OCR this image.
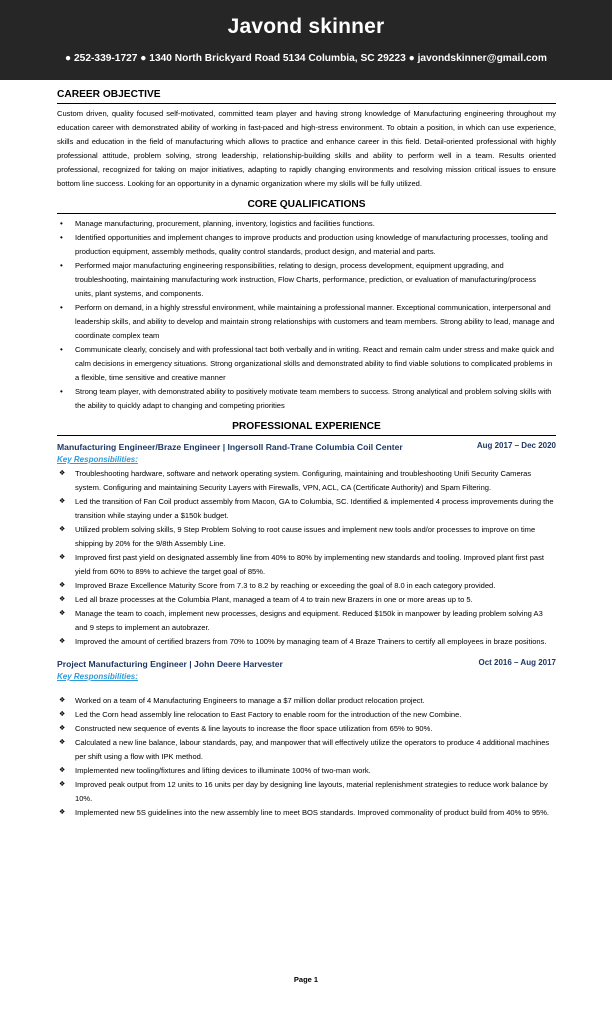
Javond skinner
● 252-339-1727 ● 1340 North Brickyard Road 5134 Columbia, SC 29223 ● javondskinner@gmail.com
CAREER OBJECTIVE

Custom driven, quality focused self-motivated, committed team player and having strong knowledge of Manufacturing engineering throughout my education career with demonstrated ability of working in fast-paced and high-stress environment. To obtain a position, in which can use experience, skills and education in the field of manufacturing which allows to practice and enhance career in this field. Detail-oriented professional with highly professional attitude, problem solving, strong leadership, relationship-building skills and ability to perform well in a team. Results oriented professional, recognized for taking on major initiatives, adapting to rapidly changing environments and resolving mission critical issues to ensure bottom line success. Looking for an opportunity in a dynamic organization where my skills will be fully utilized.

CORE QUALIFICATIONS
• Manage manufacturing, procurement, planning, inventory, logistics and facilities functions.
• Identified opportunities and implement changes to improve products and production using knowledge of manufacturing processes, tooling and production equipment, assembly methods, quality control standards, product design, and material and parts.
• Performed major manufacturing engineering responsibilities, relating to design, process development, equipment upgrading, and troubleshooting, maintaining manufacturing work instruction, Flow Charts, performance, prediction, or evaluation of manufacturing/process units, plant systems, and components.
• Perform on demand, in a highly stressful environment, while maintaining a professional manner. Exceptional communication, interpersonal and leadership skills, and ability to develop and maintain strong relationships with customers and team members. Strong ability to lead, manage and coordinate complex team
• Communicate clearly, concisely and with professional tact both verbally and in writing. React and remain calm under stress and make quick and calm decisions in emergency situations. Strong organizational skills and demonstrated ability to find viable solutions to complicated problems in a flexible, time sensitive and creative manner
• Strong team player, with demonstrated ability to positively motivate team members to success. Strong analytical and problem solving skills with the ability to quickly adapt to changing and competing priorities
PROFESSIONAL EXPERIENCE
Manufacturing Engineer/Braze Engineer | Ingersoll Rand-Trane Columbia Coil Center	Aug 2017 – Dec 2020
Key Responsibilities:
❖ Troubleshooting hardware, software and network operating system. Configuring, maintaining and troubleshooting Unifi Security Cameras system. Configuring and maintaining Security Layers with Firewalls, VPN, ACL, CA (Certificate Authority) and Spam Filtering.
❖ Led the transition of Fan Coil product assembly from Macon, GA to Columbia, SC. Identified & implemented 4 process improvements during the transition while staying under a $150k budget.
❖ Utilized problem solving skills, 9 Step Problem Solving to root cause issues and implement new tools and/or processes to improve on time shipping by 20% for the 9/8th Assembly Line.
❖ Improved first past yield on designated assembly line from 40% to 80% by implementing new standards and tooling. Improved plant first past yield from 60% to 89% to achieve the target goal of 85%.
❖ Improved Braze Excellence Maturity Score from 7.3 to 8.2 by reaching or exceeding the goal of 8.0 in each category provided.
❖ Led all braze processes at the Columbia Plant, managed a team of 4 to train new Brazers in one or more areas up to 5.
❖ Manage the team to coach, implement new processes, designs and equipment. Reduced $150k in manpower by leading problem solving A3 and 9 steps to implement an autobrazer.
❖ Improved the amount of certified brazers from 70% to 100% by managing team of 4 Braze Trainers to certify all employees in braze positions.
Project Manufacturing Engineer | John Deere Harvester	Oct 2016 – Aug 2017
Key Responsibilities:
❖ Worked on a team of 4 Manufacturing Engineers to manage a $7 million dollar product relocation project.
❖ Led the Corn head assembly line relocation to East Factory to enable room for the introduction of the new Combine.
❖ Constructed new sequence of events & line layouts to increase the floor space utilization from 65% to 90%.
❖ Calculated a new line balance, labour standards, pay, and manpower that will effectively utilize the operators to produce 4 additional machines per shift using a flow with IPK method.
❖ Implemented new tooling/fixtures and lifting devices to illuminate 100% of two-man work.
❖ Improved peak output from 12 units to 16 units per day by designing line layouts, material replenishment strategies to reduce work balance by 10%.
❖ Implemented new 5S guidelines into the new assembly line to meet BOS standards. Improved commonality of product build from 40% to 95%.
Page 1
